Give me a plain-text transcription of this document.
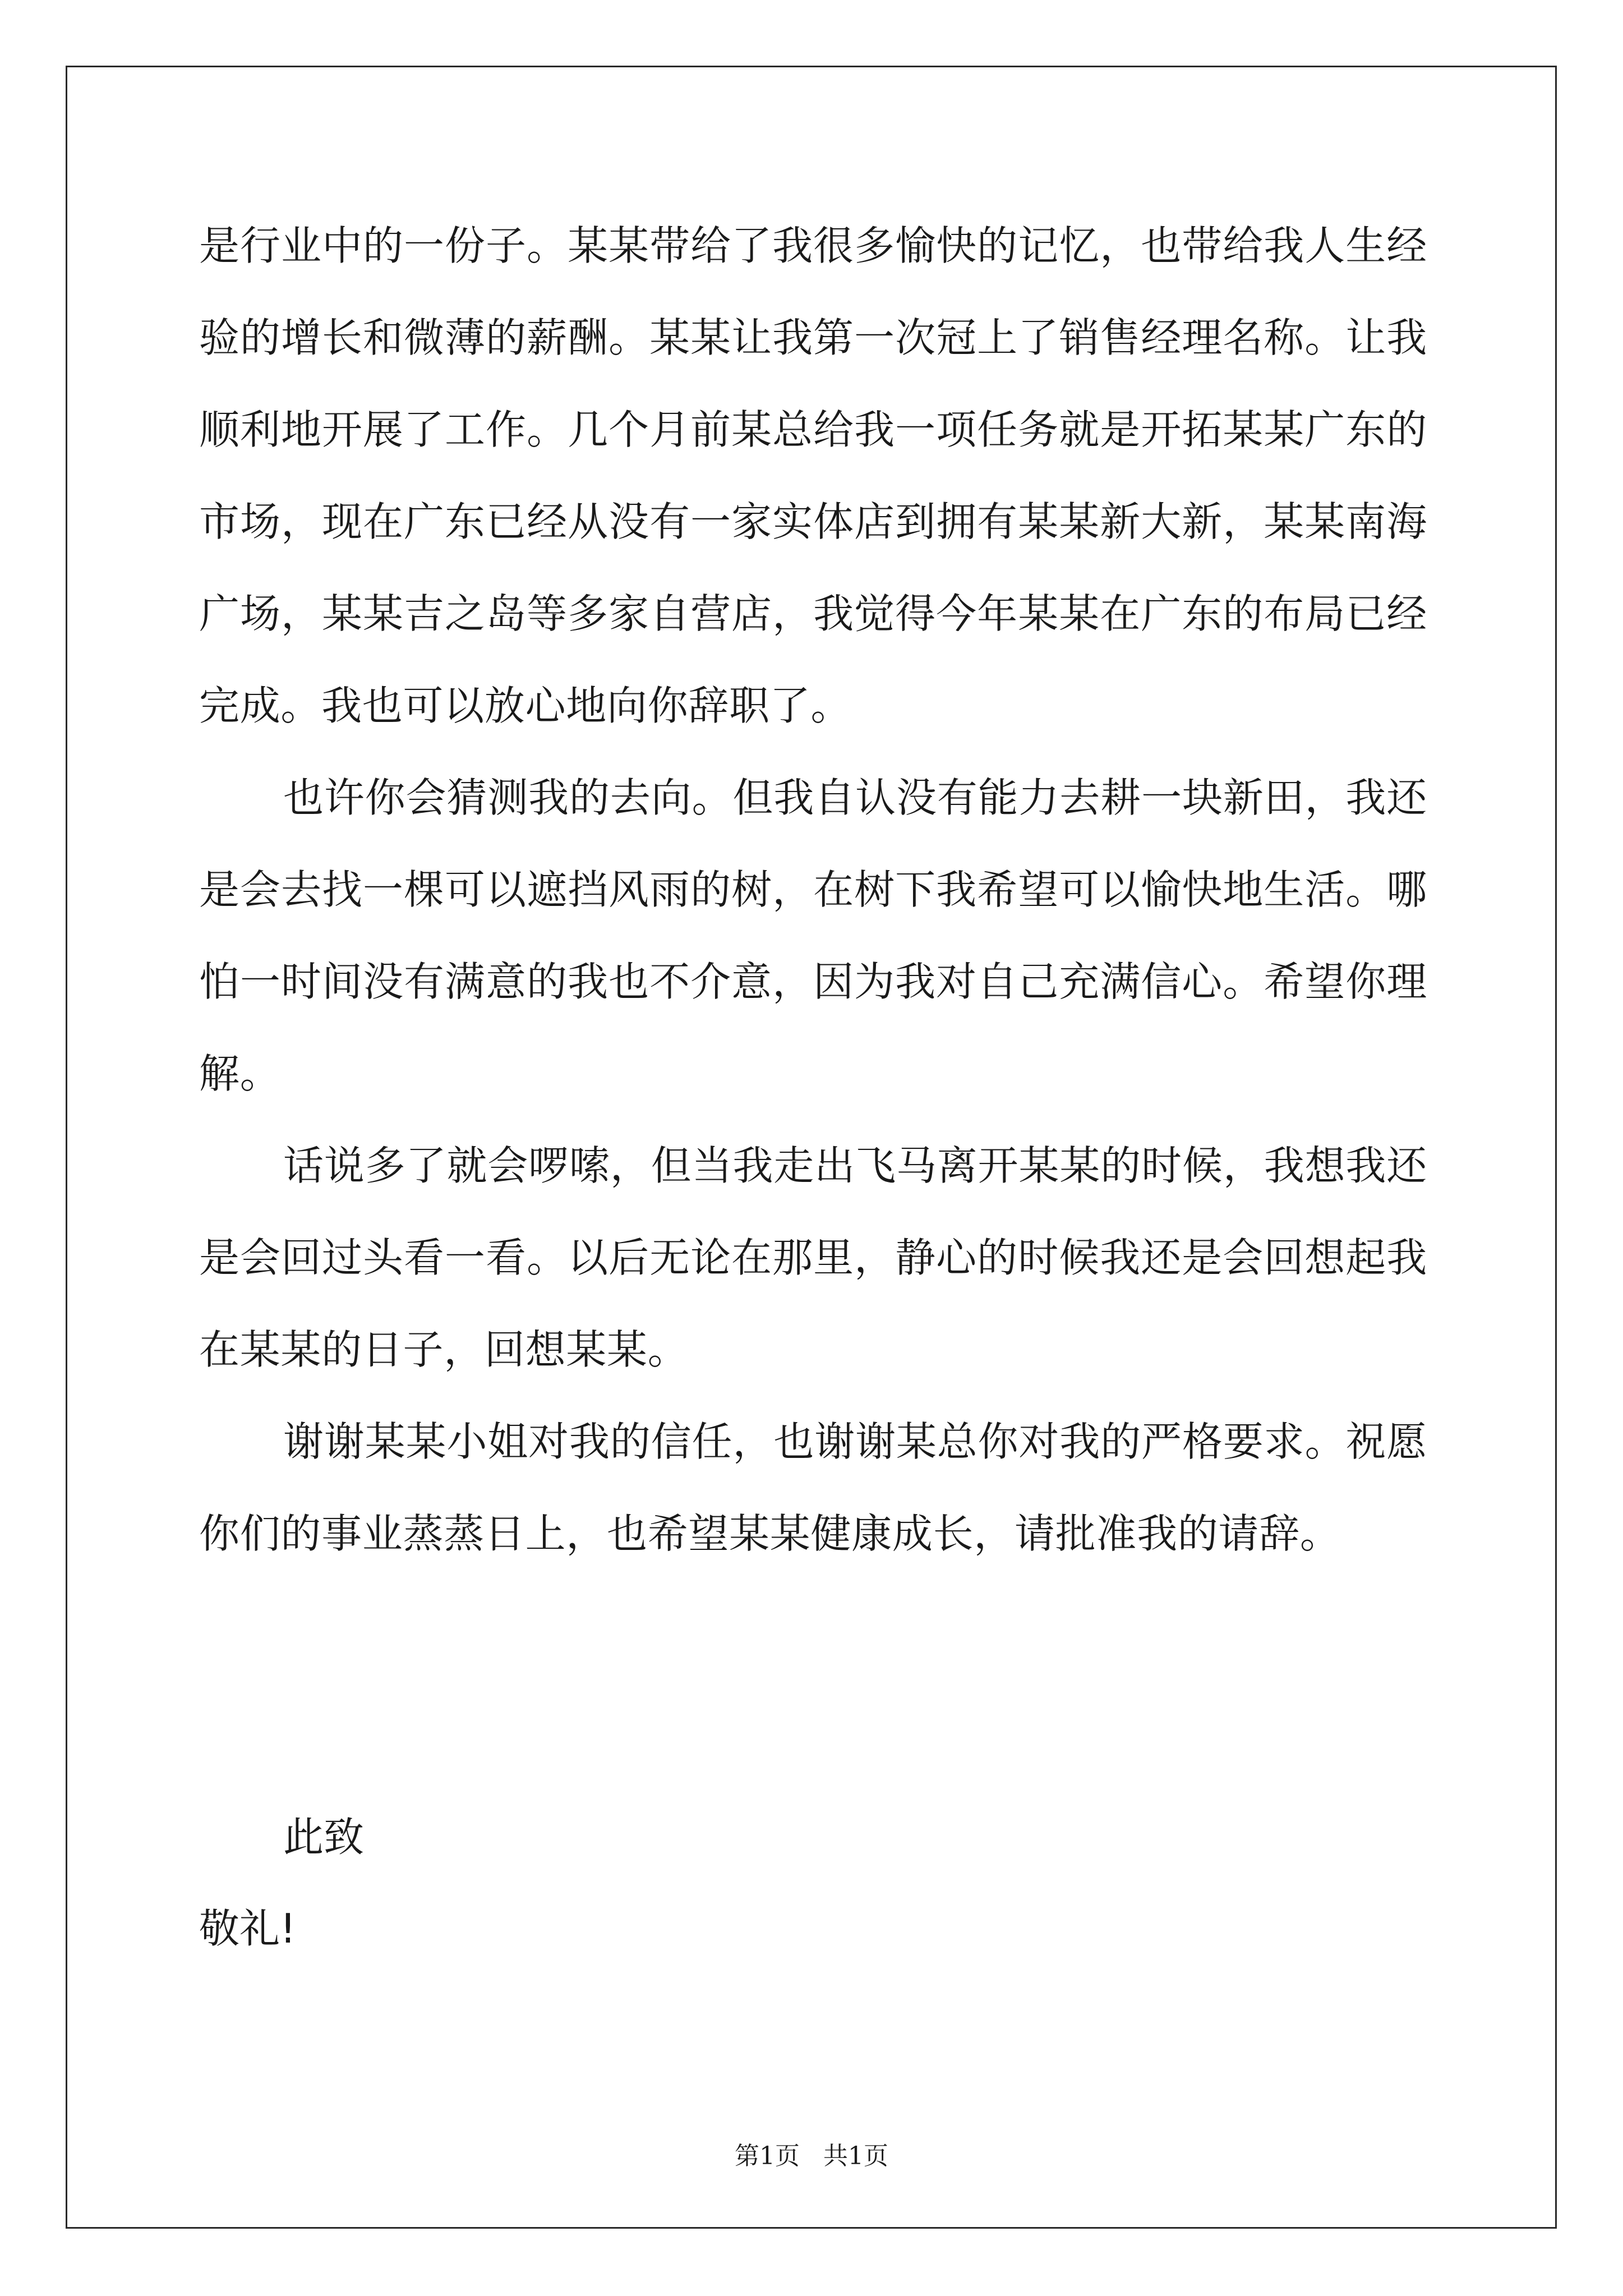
是行业中的一份子。某某带给了我很多愉快的记忆，也带给我人生经验的增长和微薄的薪酬。某某让我第一次冠上了销售经理名称。让我顺利地开展了工作。几个月前某总给我一项任务就是开拓某某广东的市场，现在广东已经从没有一家实体店到拥有某某新大新，某某南海广场，某某吉之岛等多家自营店，我觉得今年某某在广东的布局已经完成。我也可以放心地向你辞职了。

也许你会猜测我的去向。但我自认没有能力去耕一块新田，我还是会去找一棵可以遮挡风雨的树，在树下我希望可以愉快地生活。哪怕一时间没有满意的我也不介意，因为我对自己充满信心。希望你理解。

话说多了就会啰嗦，但当我走出飞马离开某某的时候，我想我还是会回过头看一看。以后无论在那里，静心的时候我还是会回想起我在某某的日子，回想某某。

谢谢某某小姐对我的信任，也谢谢某总你对我的严格要求。祝愿你们的事业蒸蒸日上，也希望某某健康成长，请批准我的请辞。

此致

敬礼!

第1页 共1页
